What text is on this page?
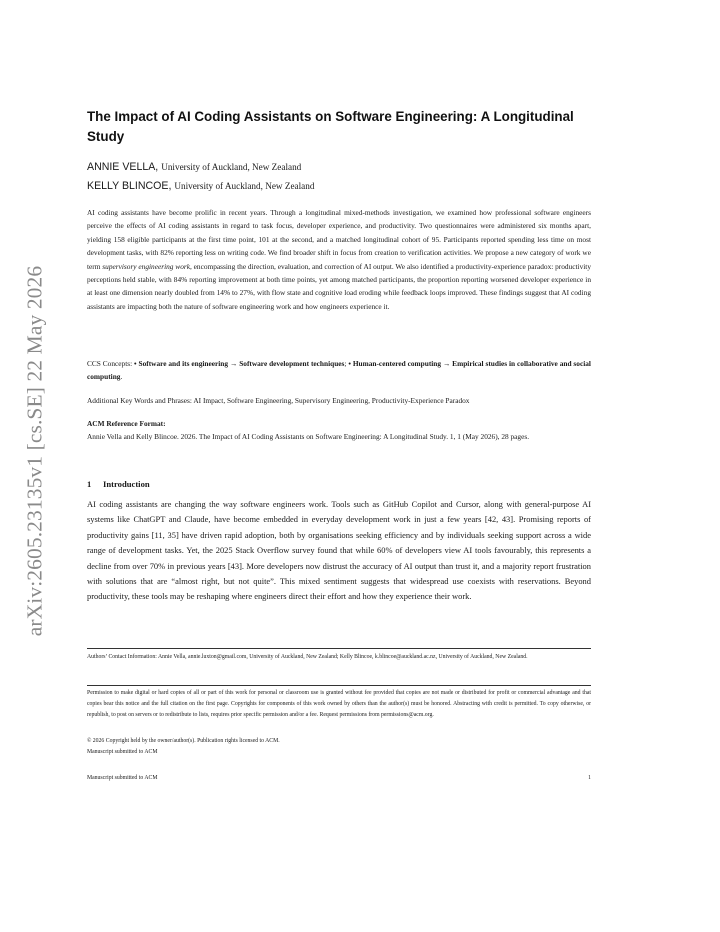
arXiv:2605.23135v1 [cs.SE] 22 May 2026
The Impact of AI Coding Assistants on Software Engineering: A Longitudinal Study
ANNIE VELLA, University of Auckland, New Zealand
KELLY BLINCOE, University of Auckland, New Zealand
AI coding assistants have become prolific in recent years. Through a longitudinal mixed-methods investigation, we examined how professional software engineers perceive the effects of AI coding assistants in regard to task focus, developer experience, and productivity. Two questionnaires were administered six months apart, yielding 158 eligible participants at the first time point, 101 at the second, and a matched longitudinal cohort of 95. Participants reported spending less time on most development tasks, with 82% reporting less on writing code. We find broader shift in focus from creation to verification activities. We propose a new category of work we term supervisory engineering work, encompassing the direction, evaluation, and correction of AI output. We also identified a productivity-experience paradox: productivity perceptions held stable, with 84% reporting improvement at both time points, yet among matched participants, the proportion reporting worsened developer experience in at least one dimension nearly doubled from 14% to 27%, with flow state and cognitive load eroding while feedback loops improved. These findings suggest that AI coding assistants are impacting both the nature of software engineering work and how engineers experience it.
CCS Concepts: • Software and its engineering → Software development techniques; • Human-centered computing → Empirical studies in collaborative and social computing.
Additional Key Words and Phrases: AI Impact, Software Engineering, Supervisory Engineering, Productivity-Experience Paradox
ACM Reference Format:
Annie Vella and Kelly Blincoe. 2026. The Impact of AI Coding Assistants on Software Engineering: A Longitudinal Study. 1, 1 (May 2026), 28 pages.
1 Introduction
AI coding assistants are changing the way software engineers work. Tools such as GitHub Copilot and Cursor, along with general-purpose AI systems like ChatGPT and Claude, have become embedded in everyday development work in just a few years [42, 43]. Promising reports of productivity gains [11, 35] have driven rapid adoption, both by organisations seeking efficiency and by individuals seeking support across a wide range of development tasks. Yet, the 2025 Stack Overflow survey found that while 60% of developers view AI tools favourably, this represents a decline from over 70% in previous years [43]. More developers now distrust the accuracy of AI output than trust it, and a majority report frustration with solutions that are “almost right, but not quite”. This mixed sentiment suggests that widespread use coexists with reservations. Beyond productivity, these tools may be reshaping where engineers direct their effort and how they experience their work.
Authors’ Contact Information: Annie Vella, annie.luxton@gmail.com, University of Auckland, New Zealand; Kelly Blincoe, k.blincoe@auckland.ac.nz, University of Auckland, New Zealand.
Permission to make digital or hard copies of all or part of this work for personal or classroom use is granted without fee provided that copies are not made or distributed for profit or commercial advantage and that copies bear this notice and the full citation on the first page. Copyrights for components of this work owned by others than the author(s) must be honored. Abstracting with credit is permitted. To copy otherwise, or republish, to post on servers or to redistribute to lists, requires prior specific permission and/or a fee. Request permissions from permissions@acm.org.
© 2026 Copyright held by the owner/author(s). Publication rights licensed to ACM.
Manuscript submitted to ACM
Manuscript submitted to ACM	1
